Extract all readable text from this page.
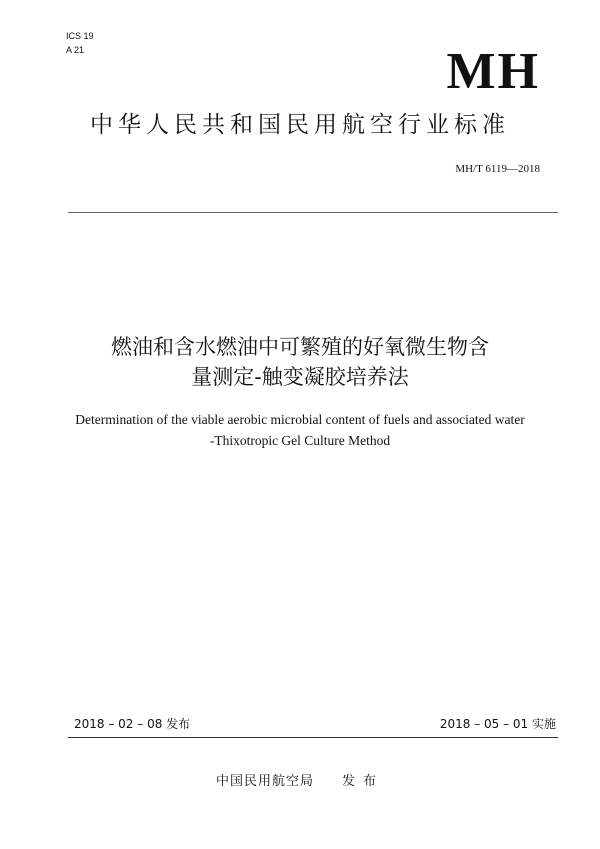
ICS 19
A 21	MH
中华人民共和国民用航空行业标准
MH/T 6119—2018
燃油和含水燃油中可繁殖的好氧微生物含
量测定-触变凝胶培养法
Determination of the viable aerobic microbial content of fuels and associated water
-Thixotropic Gel Culture Method
2018 – 02 – 08 发布	2018 – 05 – 01 实施
中国民用航空局 发布
